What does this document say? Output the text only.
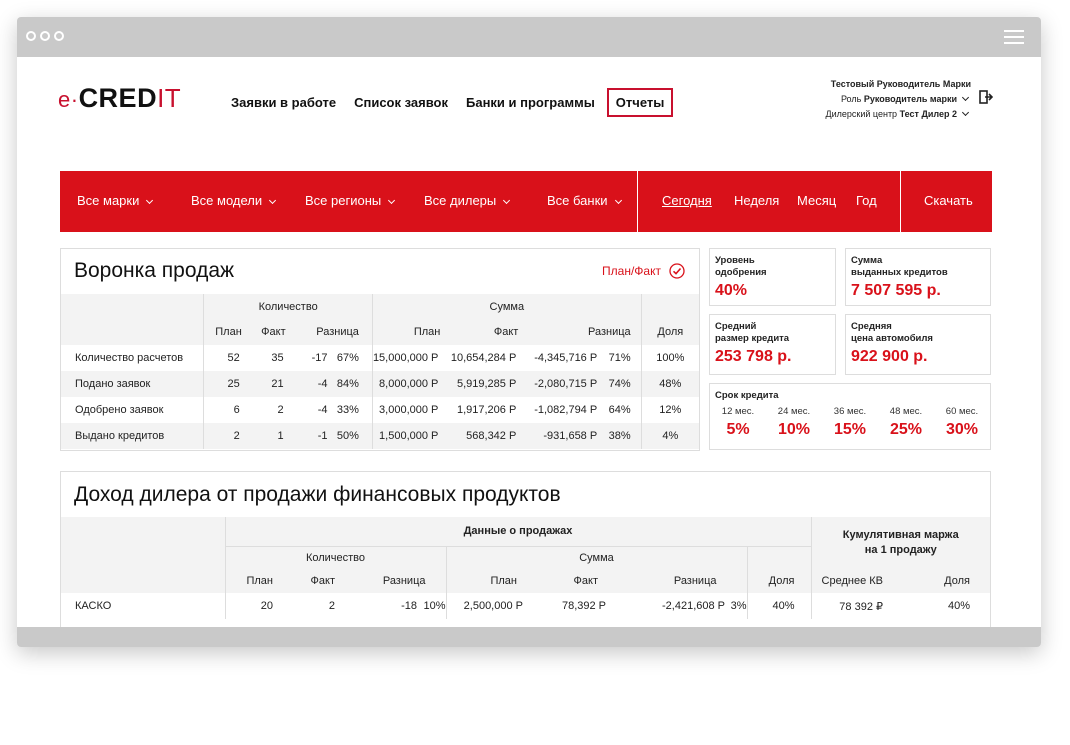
e·CREDIT	Заявки в работе Список заявок Банки и программы	Отчеты
Тестовый Руководитель Марки
Роль Руководитель марки
Дилерский центр Тест Дилер 2
Все марки	Все модели	Все регионы	Все дилеры	Все банки	Сегодня Неделя Месяц Год	Скачать
Воронка продаж	План/Факт
	Количество				Сумма				
	План	Факт	Разница		План	Факт	Разница		Доля
Количество расчетов	52	35	-17	67%	15,000,000 Р	10,654,284 Р	-4,345,716 Р	71%	100%
Подано заявок	25	21	-4	84%	8,000,000 Р	5,919,285 Р	-2,080,715 Р	74%	48%
Одобрено заявок	6	2	-4	33%	3,000,000 Р	1,917,206 Р	-1,082,794 Р	64%	12%
Выдано кредитов	2	1	-1	50%	1,500,000 Р	568,342 Р	-931,658 Р	38%	4%
Уровень
одобрения
40%
Сумма
выданных кредитов
7 507 595 р.
Средний
размер кредита
253 798 р.
Средняя
цена автомобиля
922 900 р.
Срок кредита
12 мес.
5%
24 мес.
10%
36 мес.
15%
48 мес.
25%
60 мес.
30%
Доход дилера от продажи финансовых продуктов
	Данные о продажах									Кумулятивная маржа
на 1 продажу	

	Количество				Сумма						
	План	Факт	Разница		План	Факт	Разница		Доля	Среднее КВ	Доля
КАСКО	20	2	-18	10%	2,500,000 Р	78,392 Р	-2,421,608 Р	3%	40%	78 392 ₽	40%
